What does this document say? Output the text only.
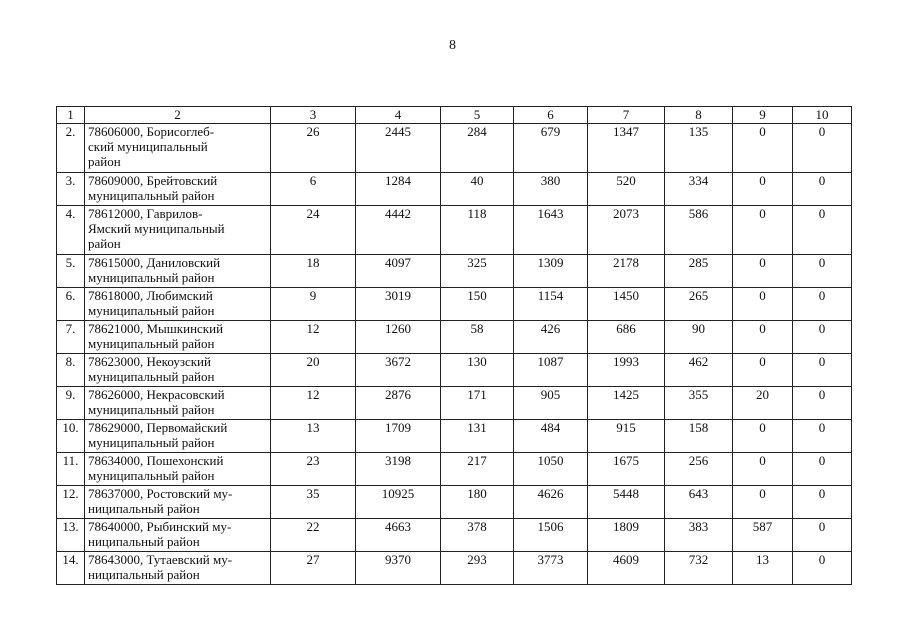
8
1	2	3	4	5	6	7	8	9	10
2.	78606000, Борисоглеб-
ский муниципальный
район	26	2445	284	679	1347	135	0	0
3.	78609000, Брейтовский
муниципальный район	6	1284	40	380	520	334	0	0
4.	78612000, Гаврилов-
Ямский муниципальный
район	24	4442	118	1643	2073	586	0	0
5.	78615000, Даниловский
муниципальный район	18	4097	325	1309	2178	285	0	0
6.	78618000, Любимский
муниципальный район	9	3019	150	1154	1450	265	0	0
7.	78621000, Мышкинский
муниципальный район	12	1260	58	426	686	90	0	0
8.	78623000, Некоузский
муниципальный район	20	3672	130	1087	1993	462	0	0
9.	78626000, Некрасовский
муниципальный район	12	2876	171	905	1425	355	20	0
10.	78629000, Первомайский
муниципальный район	13	1709	131	484	915	158	0	0
11.	78634000, Пошехонский
муниципальный район	23	3198	217	1050	1675	256	0	0
12.	78637000, Ростовский му-
ниципальный район	35	10925	180	4626	5448	643	0	0
13.	78640000, Рыбинский му-
ниципальный район	22	4663	378	1506	1809	383	587	0
14.	78643000, Тутаевский му-
ниципальный район	27	9370	293	3773	4609	732	13	0
